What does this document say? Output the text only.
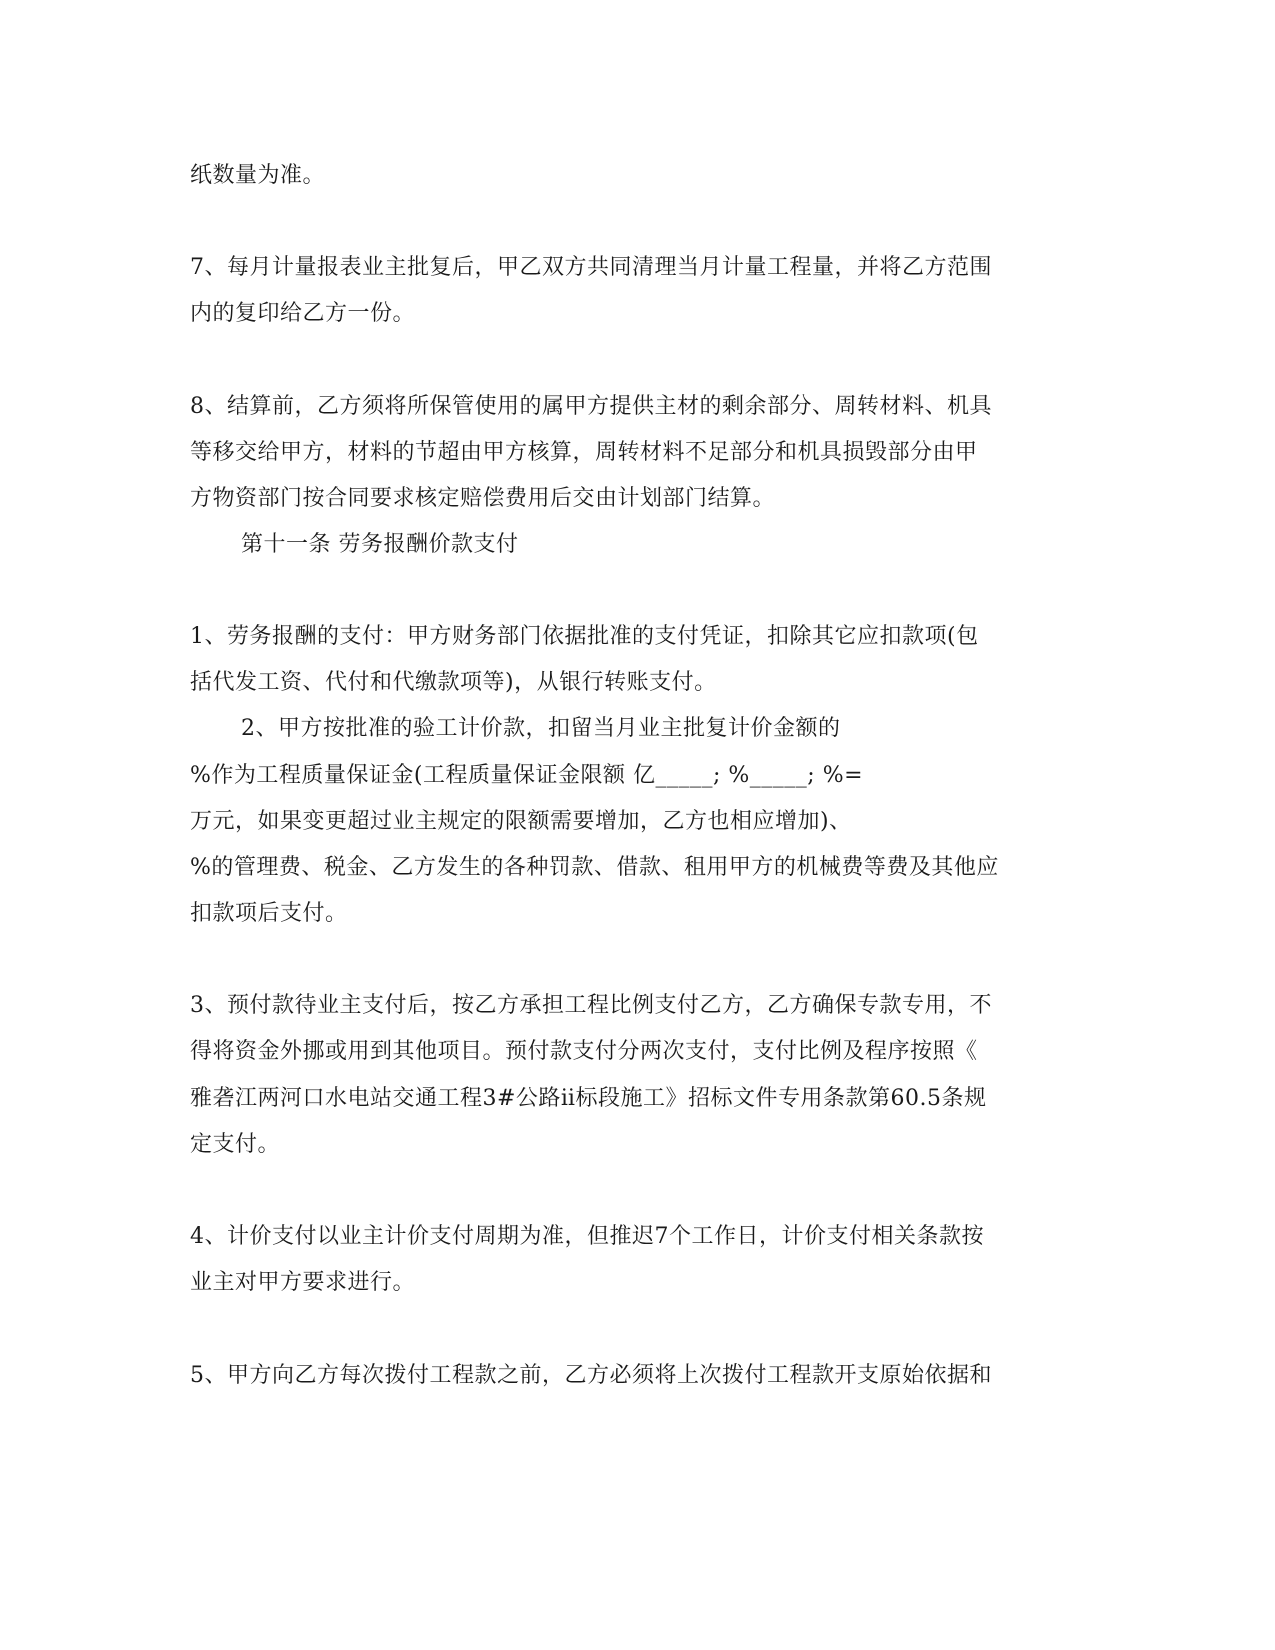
纸数量为准。
7、每月计量报表业主批复后，甲乙双方共同清理当月计量工程量，并将乙方范围
内的复印给乙方一份。
8、结算前，乙方须将所保管使用的属甲方提供主材的剩余部分、周转材料、机具
等移交给甲方，材料的节超由甲方核算，周转材料不足部分和机具损毁部分由甲
方物资部门按合同要求核定赔偿费用后交由计划部门结算。
第十一条 劳务报酬价款支付
1、劳务报酬的支付：甲方财务部门依据批准的支付凭证，扣除其它应扣款项(包
括代发工资、代付和代缴款项等)，从银行转账支付。
2、甲方按批准的验工计价款，扣留当月业主批复计价金额的
%作为工程质量保证金(工程质量保证金限额 亿_____; %_____; %=
万元，如果变更超过业主规定的限额需要增加，乙方也相应增加)、
%的管理费、税金、乙方发生的各种罚款、借款、租用甲方的机械费等费及其他应
扣款项后支付。
3、预付款待业主支付后，按乙方承担工程比例支付乙方，乙方确保专款专用，不
得将资金外挪或用到其他项目。预付款支付分两次支付，支付比例及程序按照《
雅砻江两河口水电站交通工程3#公路ⅱ标段施工》招标文件专用条款第60.5条规
定支付。
4、计价支付以业主计价支付周期为准，但推迟7个工作日，计价支付相关条款按
业主对甲方要求进行。
5、甲方向乙方每次拨付工程款之前，乙方必须将上次拨付工程款开支原始依据和
